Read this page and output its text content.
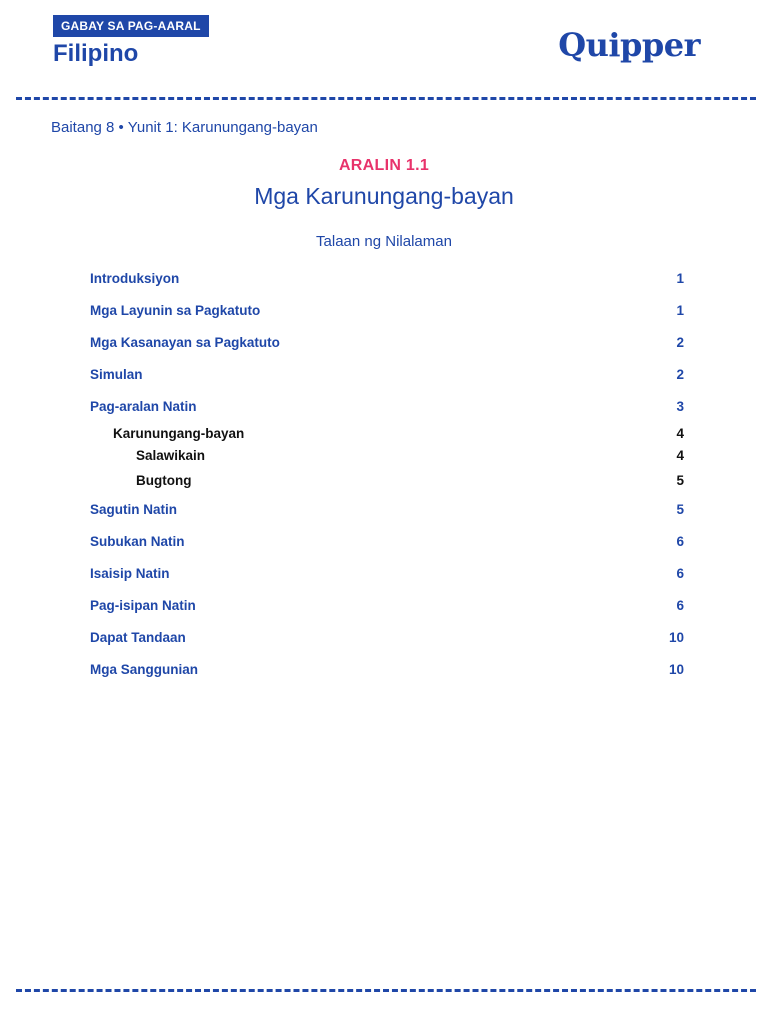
GABAY SA PAG-AARAL
Filipino	Quipper
Baitang 8 • Yunit 1: Karunungang-bayan
ARALIN 1.1
Mga Karunungang-bayan
Talaan ng Nilalaman
Introduksiyon	1
Mga Layunin sa Pagkatuto	1
Mga Kasanayan sa Pagkatuto	2
Simulan	2
Pag-aralan Natin	3
Karunungang-bayan	4
Salawikain	4
Bugtong	5
Sagutin Natin	5
Subukan Natin	6
Isaisip Natin	6
Pag-isipan Natin	6
Dapat Tandaan	10
Mga Sanggunian	10
